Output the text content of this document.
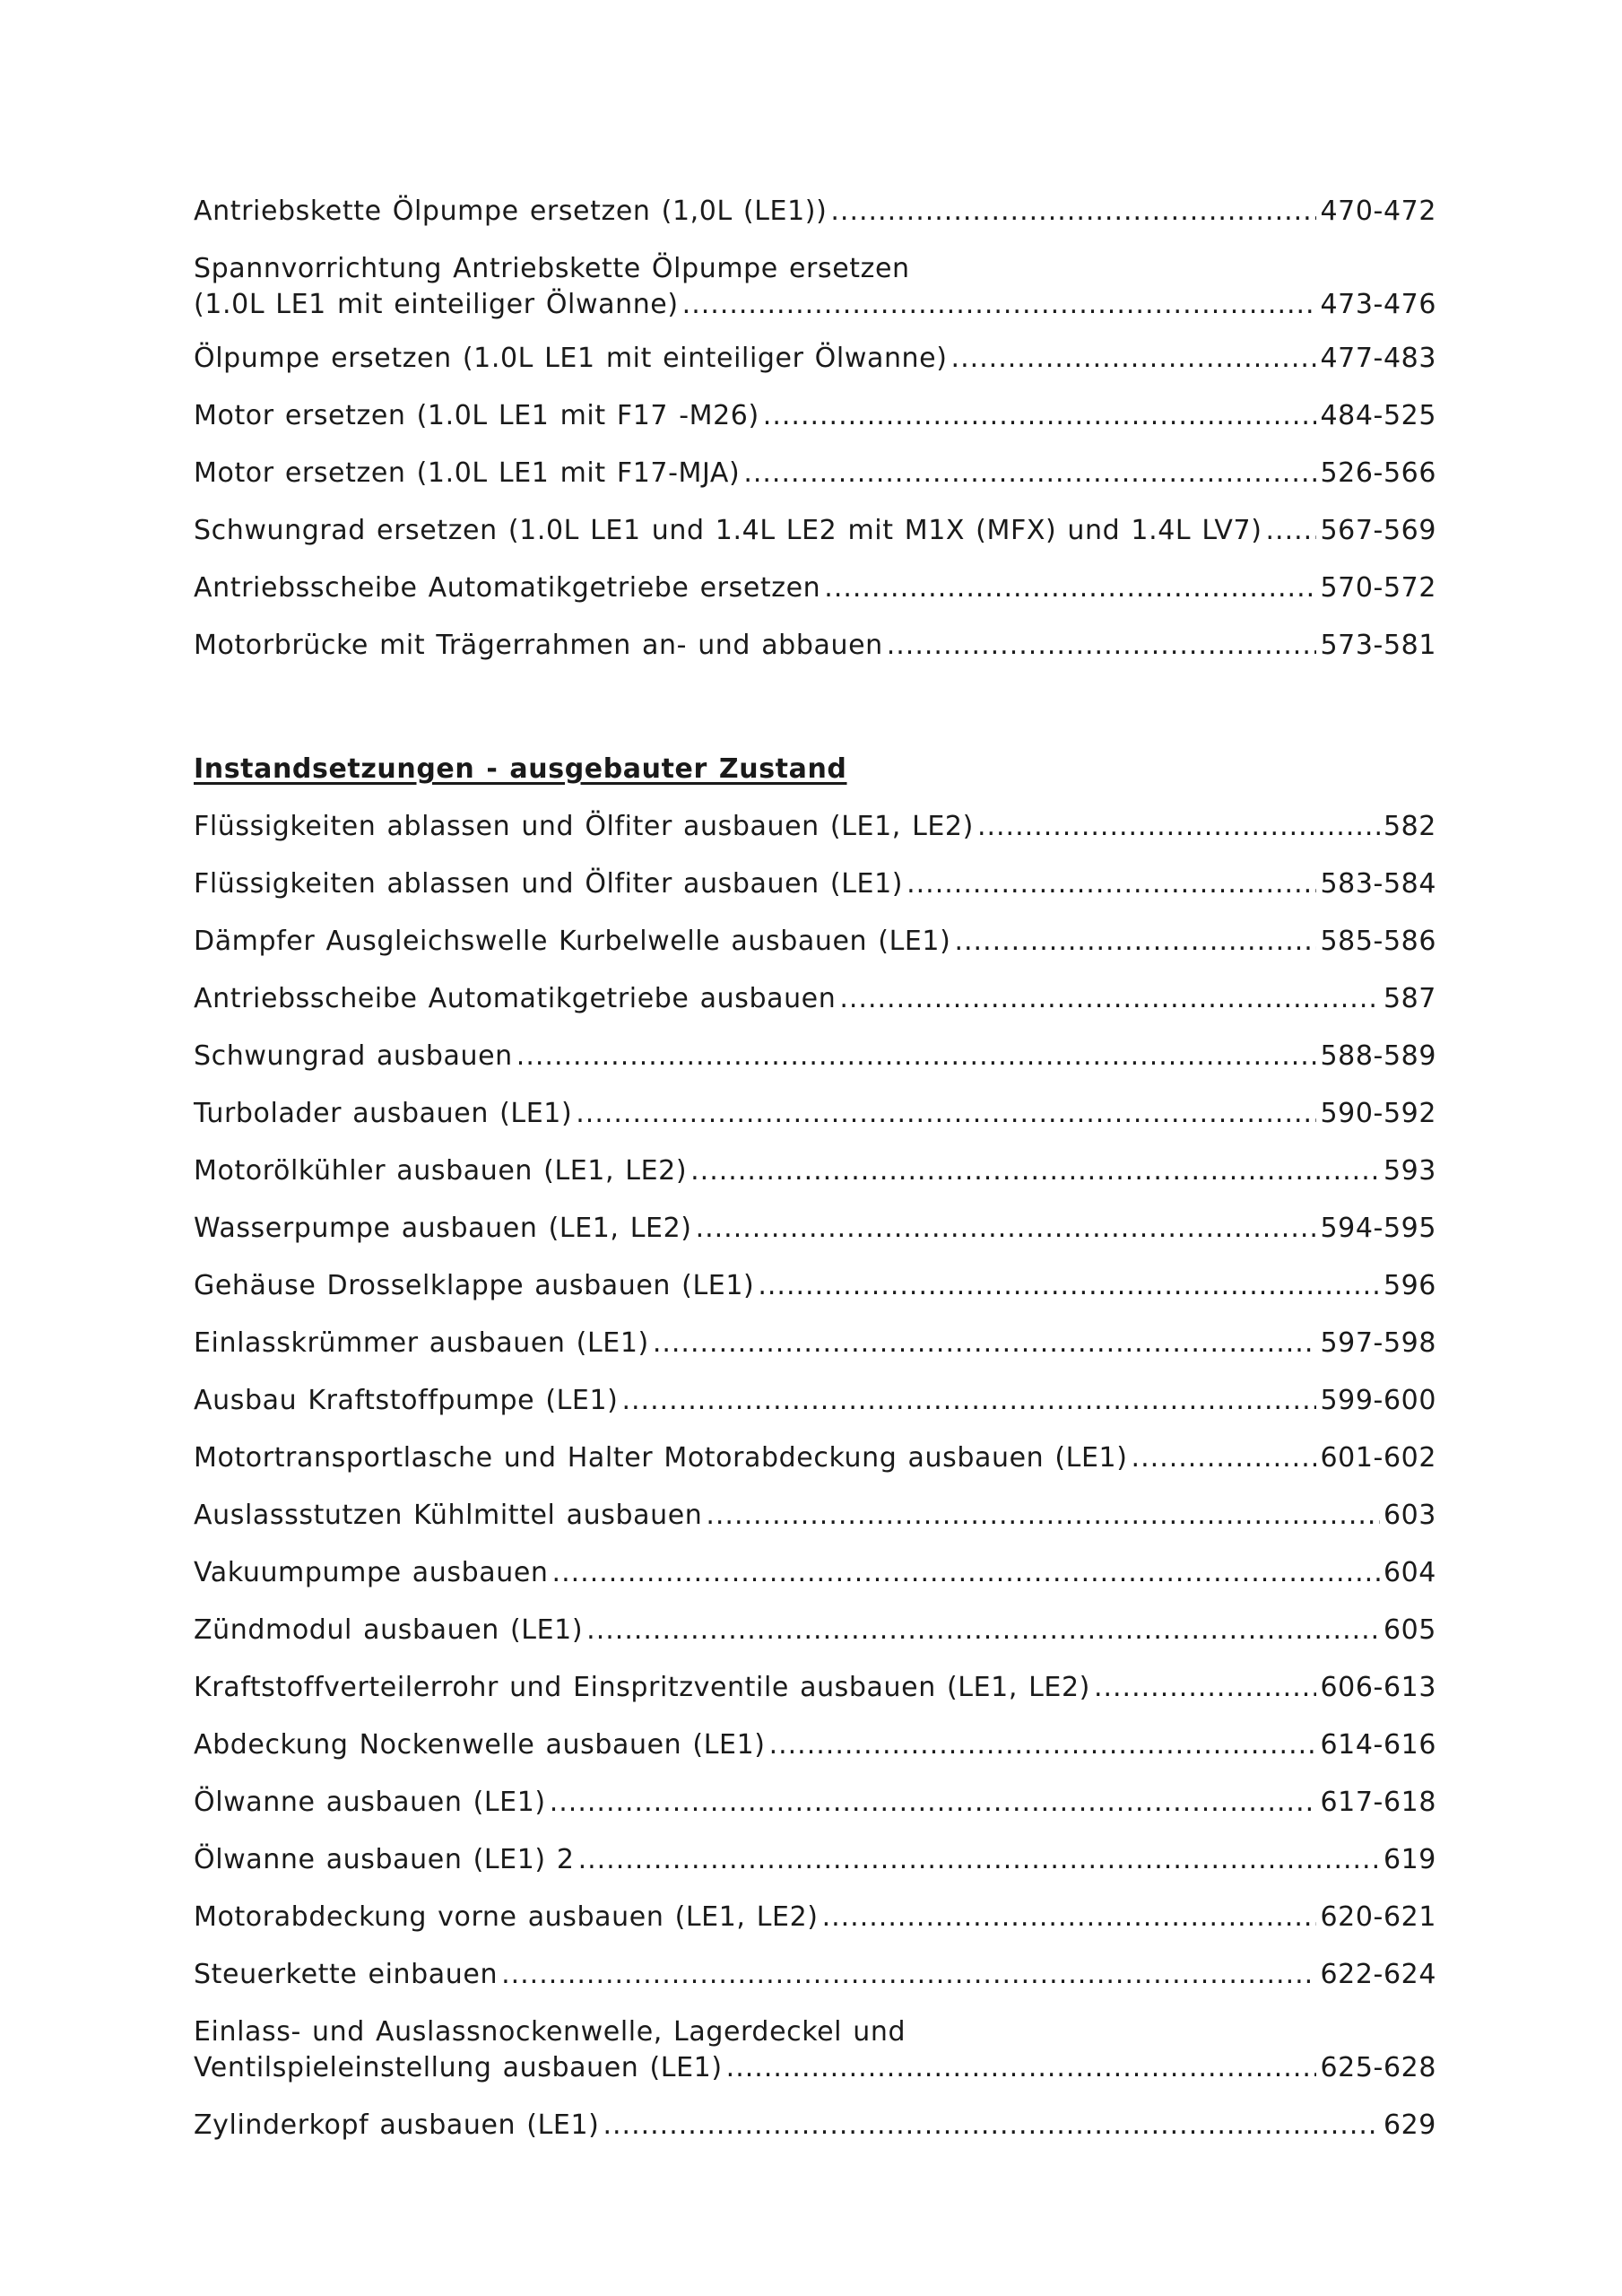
Antriebskette Ölpumpe ersetzen (1,0L (LE1)) .....	470-472
Spannvorrichtung Antriebskette Ölpumpe ersetzen
(1.0L LE1 mit einteiliger Ölwanne) .....	473-476
Ölpumpe ersetzen (1.0L LE1 mit einteiliger Ölwanne) .....	477-483
Motor ersetzen (1.0L LE1 mit F17 -M26) .....	484-525
Motor ersetzen (1.0L LE1 mit F17-MJA) .....	526-566
Schwungrad ersetzen (1.0L LE1 und 1.4L LE2 mit M1X (MFX) und 1.4L LV7) ..... 567-569
Antriebsscheibe Automatikgetriebe ersetzen .....	570-572
Motorbrücke mit Trägerrahmen an- und abbauen .....	573-581
Instandsetzungen - ausgebauter Zustand
Flüssigkeiten ablassen und Ölfiter ausbauen (LE1, LE2) .....	582
Flüssigkeiten ablassen und Ölfiter ausbauen (LE1) .....	583-584
Dämpfer Ausgleichswelle Kurbelwelle ausbauen (LE1) .....	585-586
Antriebsscheibe Automatikgetriebe ausbauen .....	587
Schwungrad ausbauen .....	588-589
Turbolader ausbauen (LE1) .....	590-592
Motorölkühler ausbauen (LE1, LE2) .....	593
Wasserpumpe ausbauen (LE1, LE2) .....	594-595
Gehäuse Drosselklappe ausbauen (LE1) .....	596
Einlasskrümmer ausbauen (LE1) .....	597-598
Ausbau Kraftstoffpumpe (LE1) .....	599-600
Motortransportlasche und Halter Motorabdeckung ausbauen (LE1) .....	601-602
Auslassstutzen Kühlmittel ausbauen .....	603
Vakuumpumpe ausbauen .....	604
Zündmodul ausbauen (LE1) .....	605
Kraftstoffverteilerrohr und Einspritzventile ausbauen (LE1, LE2) .....	606-613
Abdeckung Nockenwelle ausbauen (LE1) .....	614-616
Ölwanne ausbauen (LE1) .....	617-618
Ölwanne ausbauen (LE1) 2 .....	619
Motorabdeckung vorne ausbauen (LE1, LE2) .....	620-621
Steuerkette einbauen .....	622-624
Einlass- und Auslassnockenwelle, Lagerdeckel und
Ventilspieleinstellung ausbauen (LE1) .....	625-628
Zylinderkopf ausbauen (LE1) .....	629
